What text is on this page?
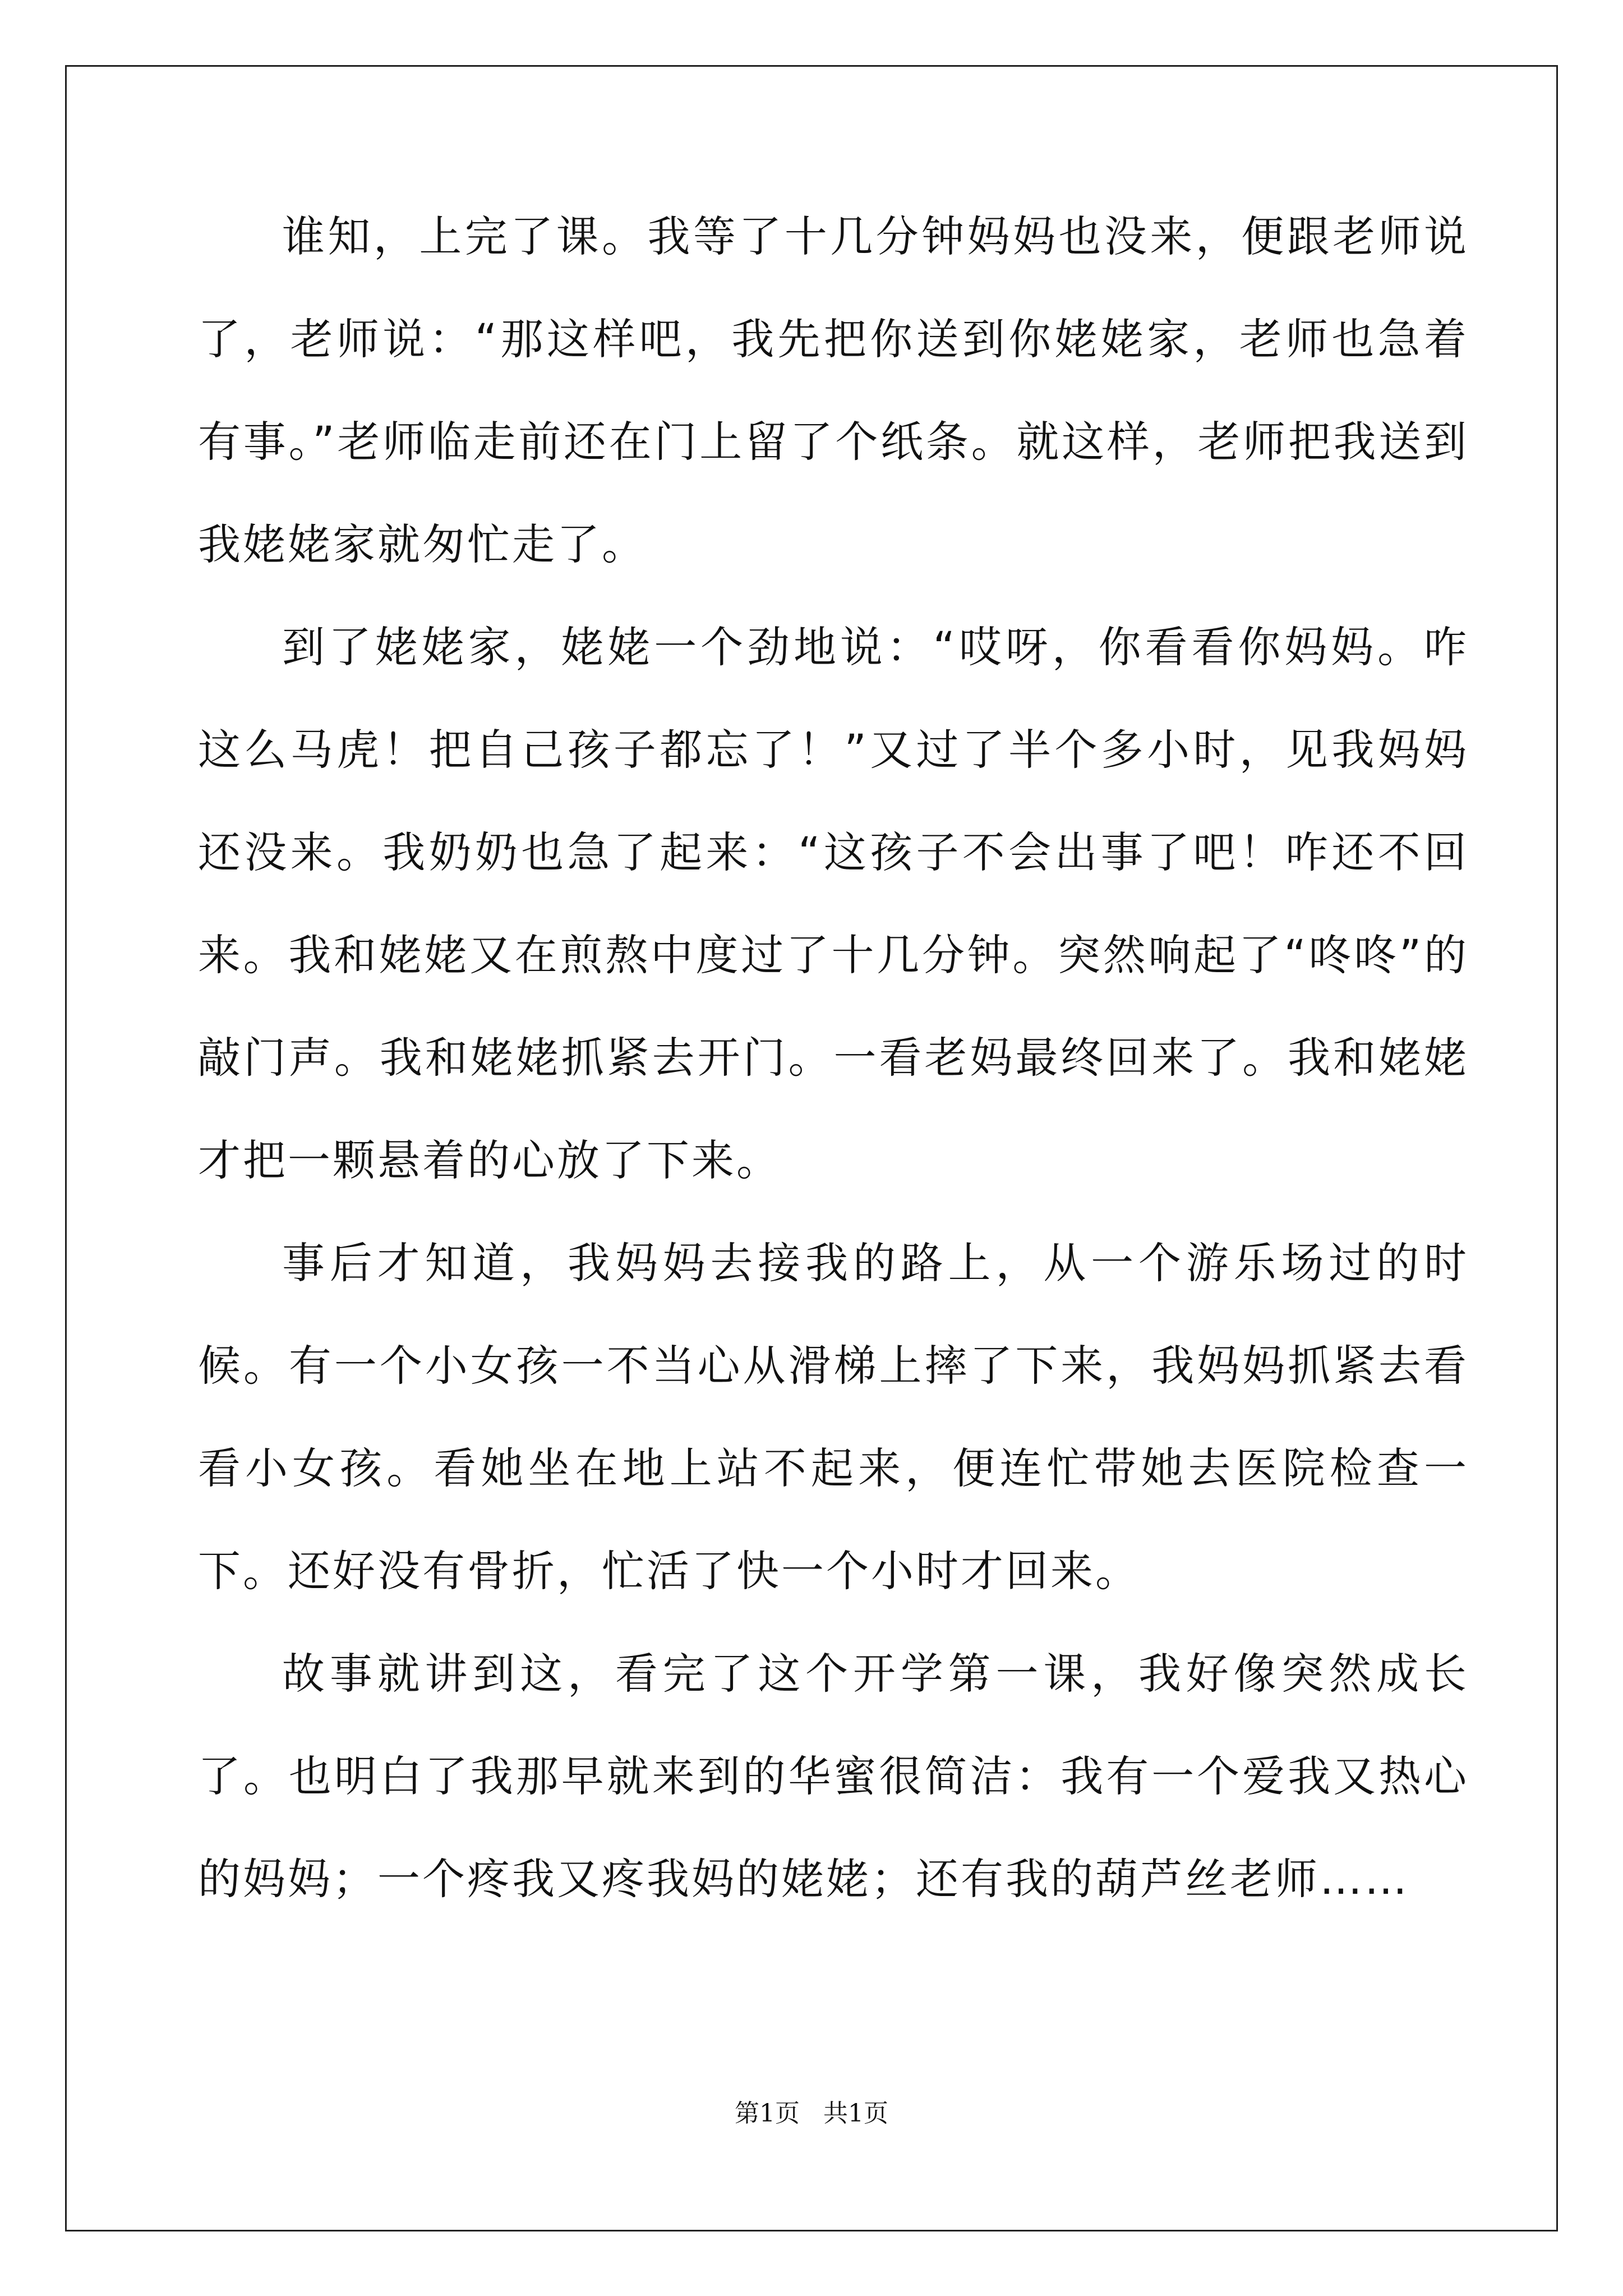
谁知，上完了课。我等了十几分钟妈妈也没来，便跟老师说了，老师说：“那这样吧，我先把你送到你姥姥家，老师也急着有事。”老师临走前还在门上留了个纸条。就这样，老师把我送到我姥姥家就匆忙走了。

到了姥姥家，姥姥一个劲地说：“哎呀，你看看你妈妈。咋这么马虎！把自己孩子都忘了！”又过了半个多小时，见我妈妈还没来。我奶奶也急了起来：“这孩子不会出事了吧！咋还不回来。我和姥姥又在煎熬中度过了十几分钟。突然响起了“咚咚”的敲门声。我和姥姥抓紧去开门。一看老妈最终回来了。我和姥姥才把一颗悬着的心放了下来。

事后才知道，我妈妈去接我的路上，从一个游乐场过的时候。有一个小女孩一不当心从滑梯上摔了下来，我妈妈抓紧去看看小女孩。看她坐在地上站不起来，便连忙带她去医院检查一下。还好没有骨折，忙活了快一个小时才回来。

故事就讲到这，看完了这个开学第一课，我好像突然成长了。也明白了我那早就来到的华蜜很简洁：我有一个爱我又热心的妈妈；一个疼我又疼我妈的姥姥；还有我的葫芦丝老师……

第1页   共1页
